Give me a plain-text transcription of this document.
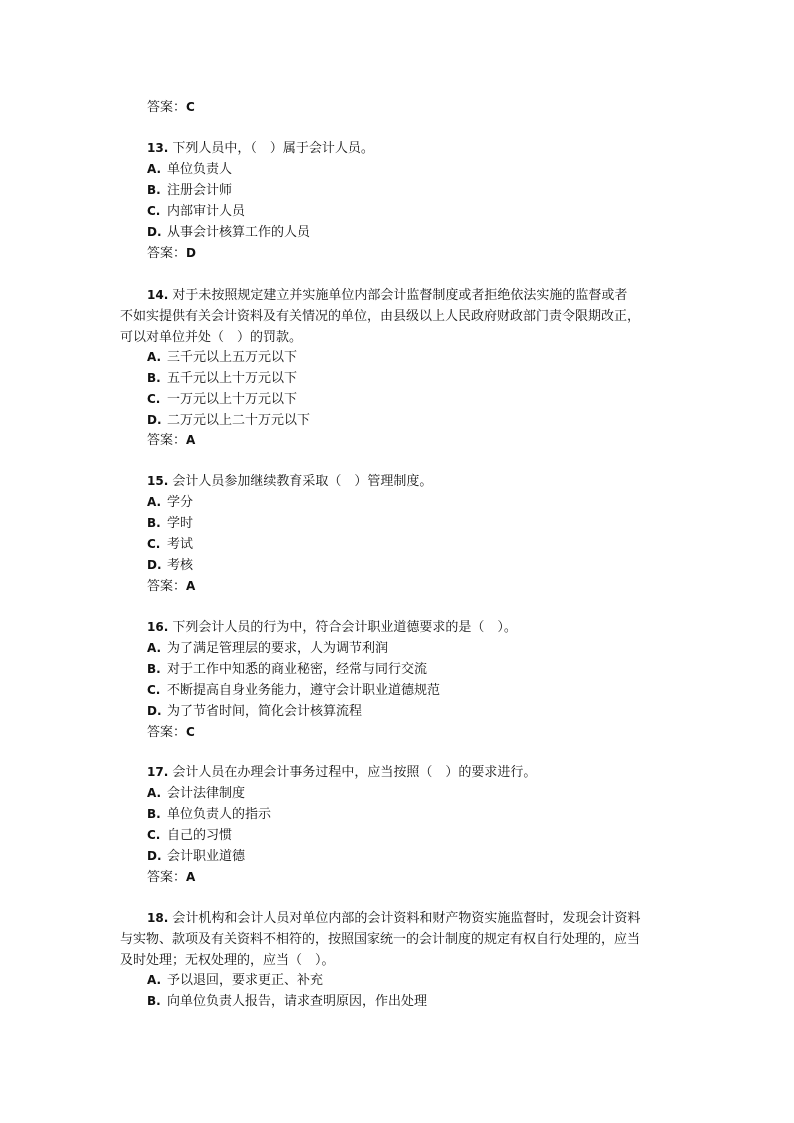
答案：C
13. 下列人员中，（　）属于会计人员。
A. 单位负责人
B. 注册会计师
C. 内部审计人员
D. 从事会计核算工作的人员
答案：D
14. 对于未按照规定建立并实施单位内部会计监督制度或者拒绝依法实施的监督或者
不如实提供有关会计资料及有关情况的单位，由县级以上人民政府财政部门责令限期改正，
可以对单位并处（　）的罚款。
A. 三千元以上五万元以下
B. 五千元以上十万元以下
C. 一万元以上十万元以下
D. 二万元以上二十万元以下
答案：A
15. 会计人员参加继续教育采取（　）管理制度。
A. 学分
B. 学时
C. 考试
D. 考核
答案：A
16. 下列会计人员的行为中，符合会计职业道德要求的是（　）。
A. 为了满足管理层的要求，人为调节利润
B. 对于工作中知悉的商业秘密，经常与同行交流
C. 不断提高自身业务能力，遵守会计职业道德规范
D. 为了节省时间，简化会计核算流程
答案：C
17. 会计人员在办理会计事务过程中，应当按照（　）的要求进行。
A. 会计法律制度
B. 单位负责人的指示
C. 自己的习惯
D. 会计职业道德
答案：A
18. 会计机构和会计人员对单位内部的会计资料和财产物资实施监督时，发现会计资料
与实物、款项及有关资料不相符的，按照国家统一的会计制度的规定有权自行处理的，应当
及时处理；无权处理的，应当（　）。
A. 予以退回，要求更正、补充
B. 向单位负责人报告，请求查明原因，作出处理
